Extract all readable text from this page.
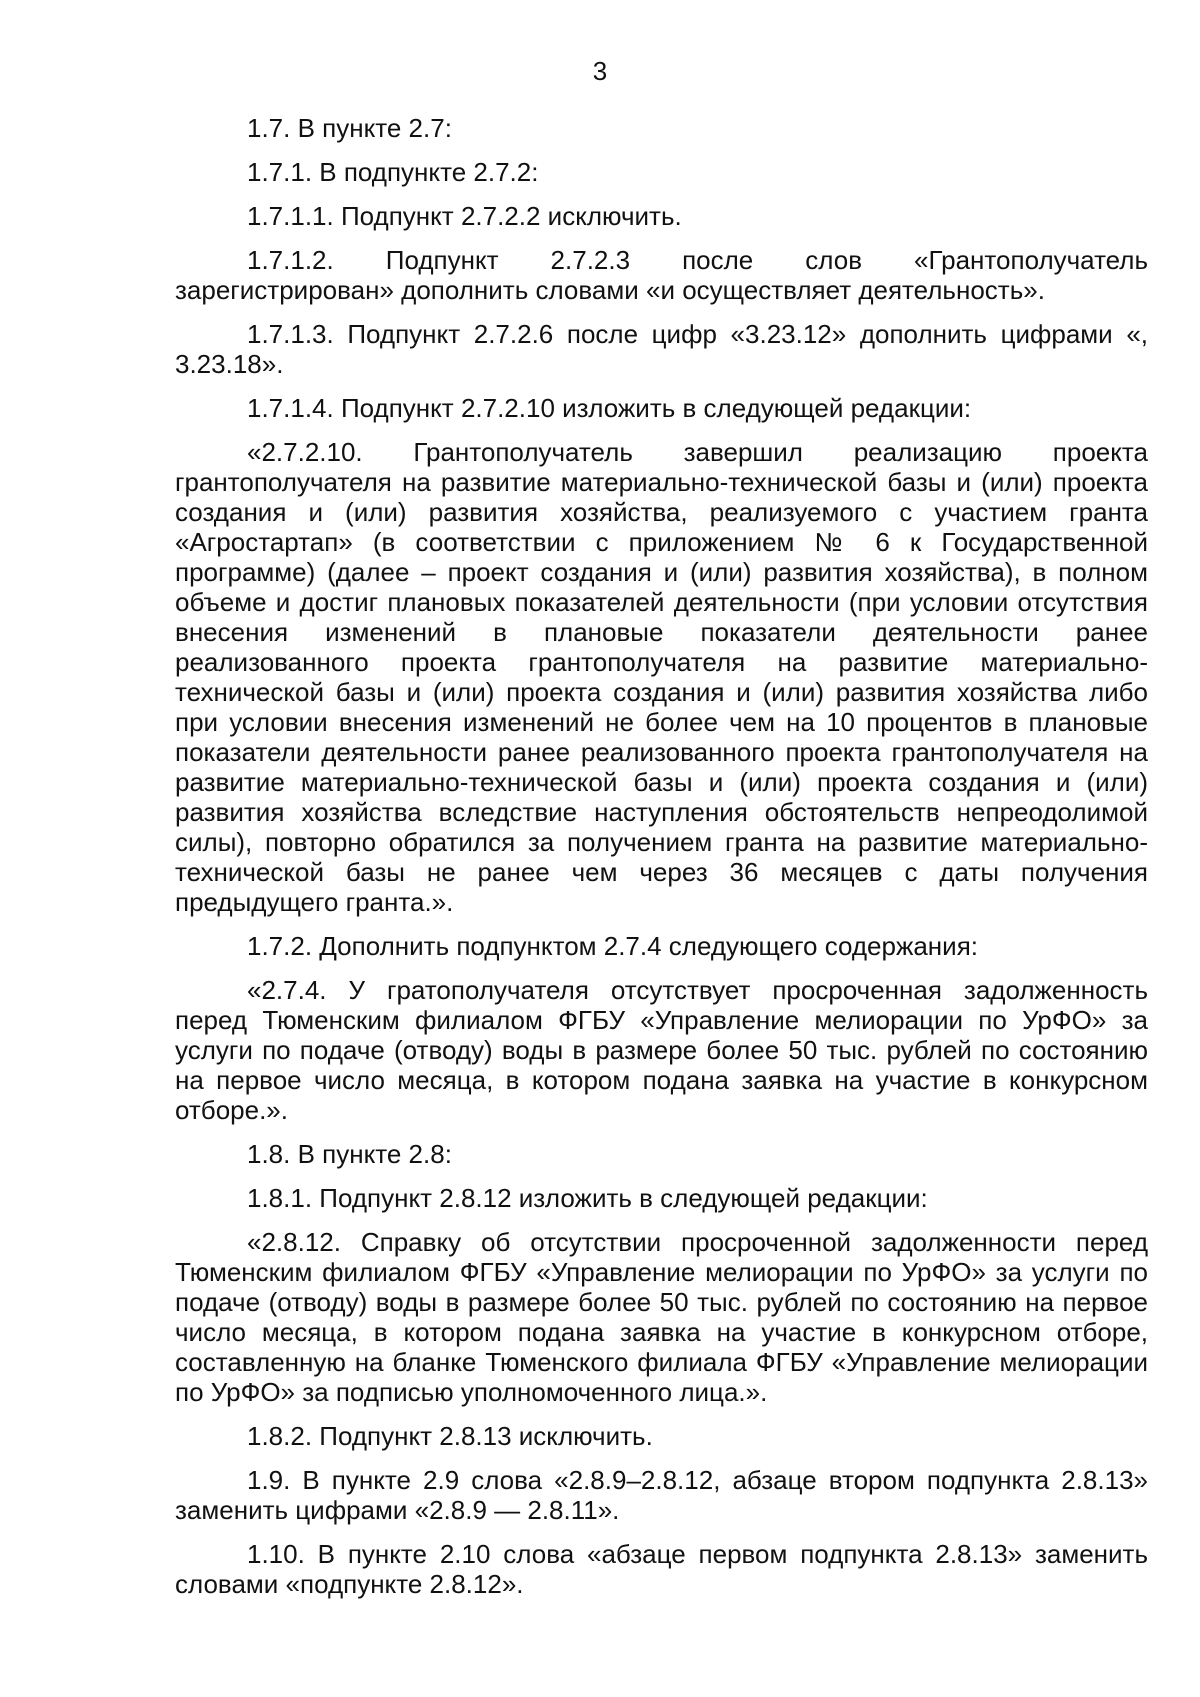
3

1.7. В пункте 2.7:

1.7.1. В подпункте 2.7.2:

1.7.1.1. Подпункт 2.7.2.2 исключить.

1.7.1.2. Подпункт 2.7.2.3 после слов «Грантополучатель зарегистрирован» дополнить словами «и осуществляет деятельность».

1.7.1.3. Подпункт 2.7.2.6 после цифр «3.23.12» дополнить цифрами «, 3.23.18».

1.7.1.4. Подпункт 2.7.2.10 изложить в следующей редакции:

«2.7.2.10. Грантополучатель завершил реализацию проекта грантополучателя на развитие материально-технической базы и (или) проекта создания и (или) развития хозяйства, реализуемого с участием гранта «Агростартап» (в соответствии с приложением № 6 к Государственной программе) (далее – проект создания и (или) развития хозяйства), в полном объеме и достиг плановых показателей деятельности (при условии отсутствия внесения изменений в плановые показатели деятельности ранее реализованного проекта грантополучателя на развитие материально-технической базы и (или) проекта создания и (или) развития хозяйства либо при условии внесения изменений не более чем на 10 процентов в плановые показатели деятельности ранее реализованного проекта грантополучателя на развитие материально-технической базы и (или) проекта создания и (или) развития хозяйства вследствие наступления обстоятельств непреодолимой силы), повторно обратился за получением гранта на развитие материально-технической базы не ранее чем через 36 месяцев с даты получения предыдущего гранта.».

1.7.2. Дополнить подпунктом 2.7.4 следующего содержания:

«2.7.4. У гратополучателя отсутствует просроченная задолженность перед Тюменским филиалом ФГБУ «Управление мелиорации по УрФО» за услуги по подаче (отводу) воды в размере более 50 тыс. рублей по состоянию на первое число месяца, в котором подана заявка на участие в конкурсном отборе.».

1.8. В пункте 2.8:

1.8.1. Подпункт 2.8.12 изложить в следующей редакции:

«2.8.12. Справку об отсутствии просроченной задолженности перед Тюменским филиалом ФГБУ «Управление мелиорации по УрФО» за услуги по подаче (отводу) воды в размере более 50 тыс. рублей по состоянию на первое число месяца, в котором подана заявка на участие в конкурсном отборе, составленную на бланке Тюменского филиала ФГБУ «Управление мелиорации по УрФО» за подписью уполномоченного лица.».

1.8.2. Подпункт 2.8.13 исключить.

1.9. В пункте 2.9 слова «2.8.9–2.8.12, абзаце втором подпункта 2.8.13» заменить цифрами «2.8.9 — 2.8.11».

1.10. В пункте 2.10 слова «абзаце первом подпункта 2.8.13» заменить словами «подпункте 2.8.12».
